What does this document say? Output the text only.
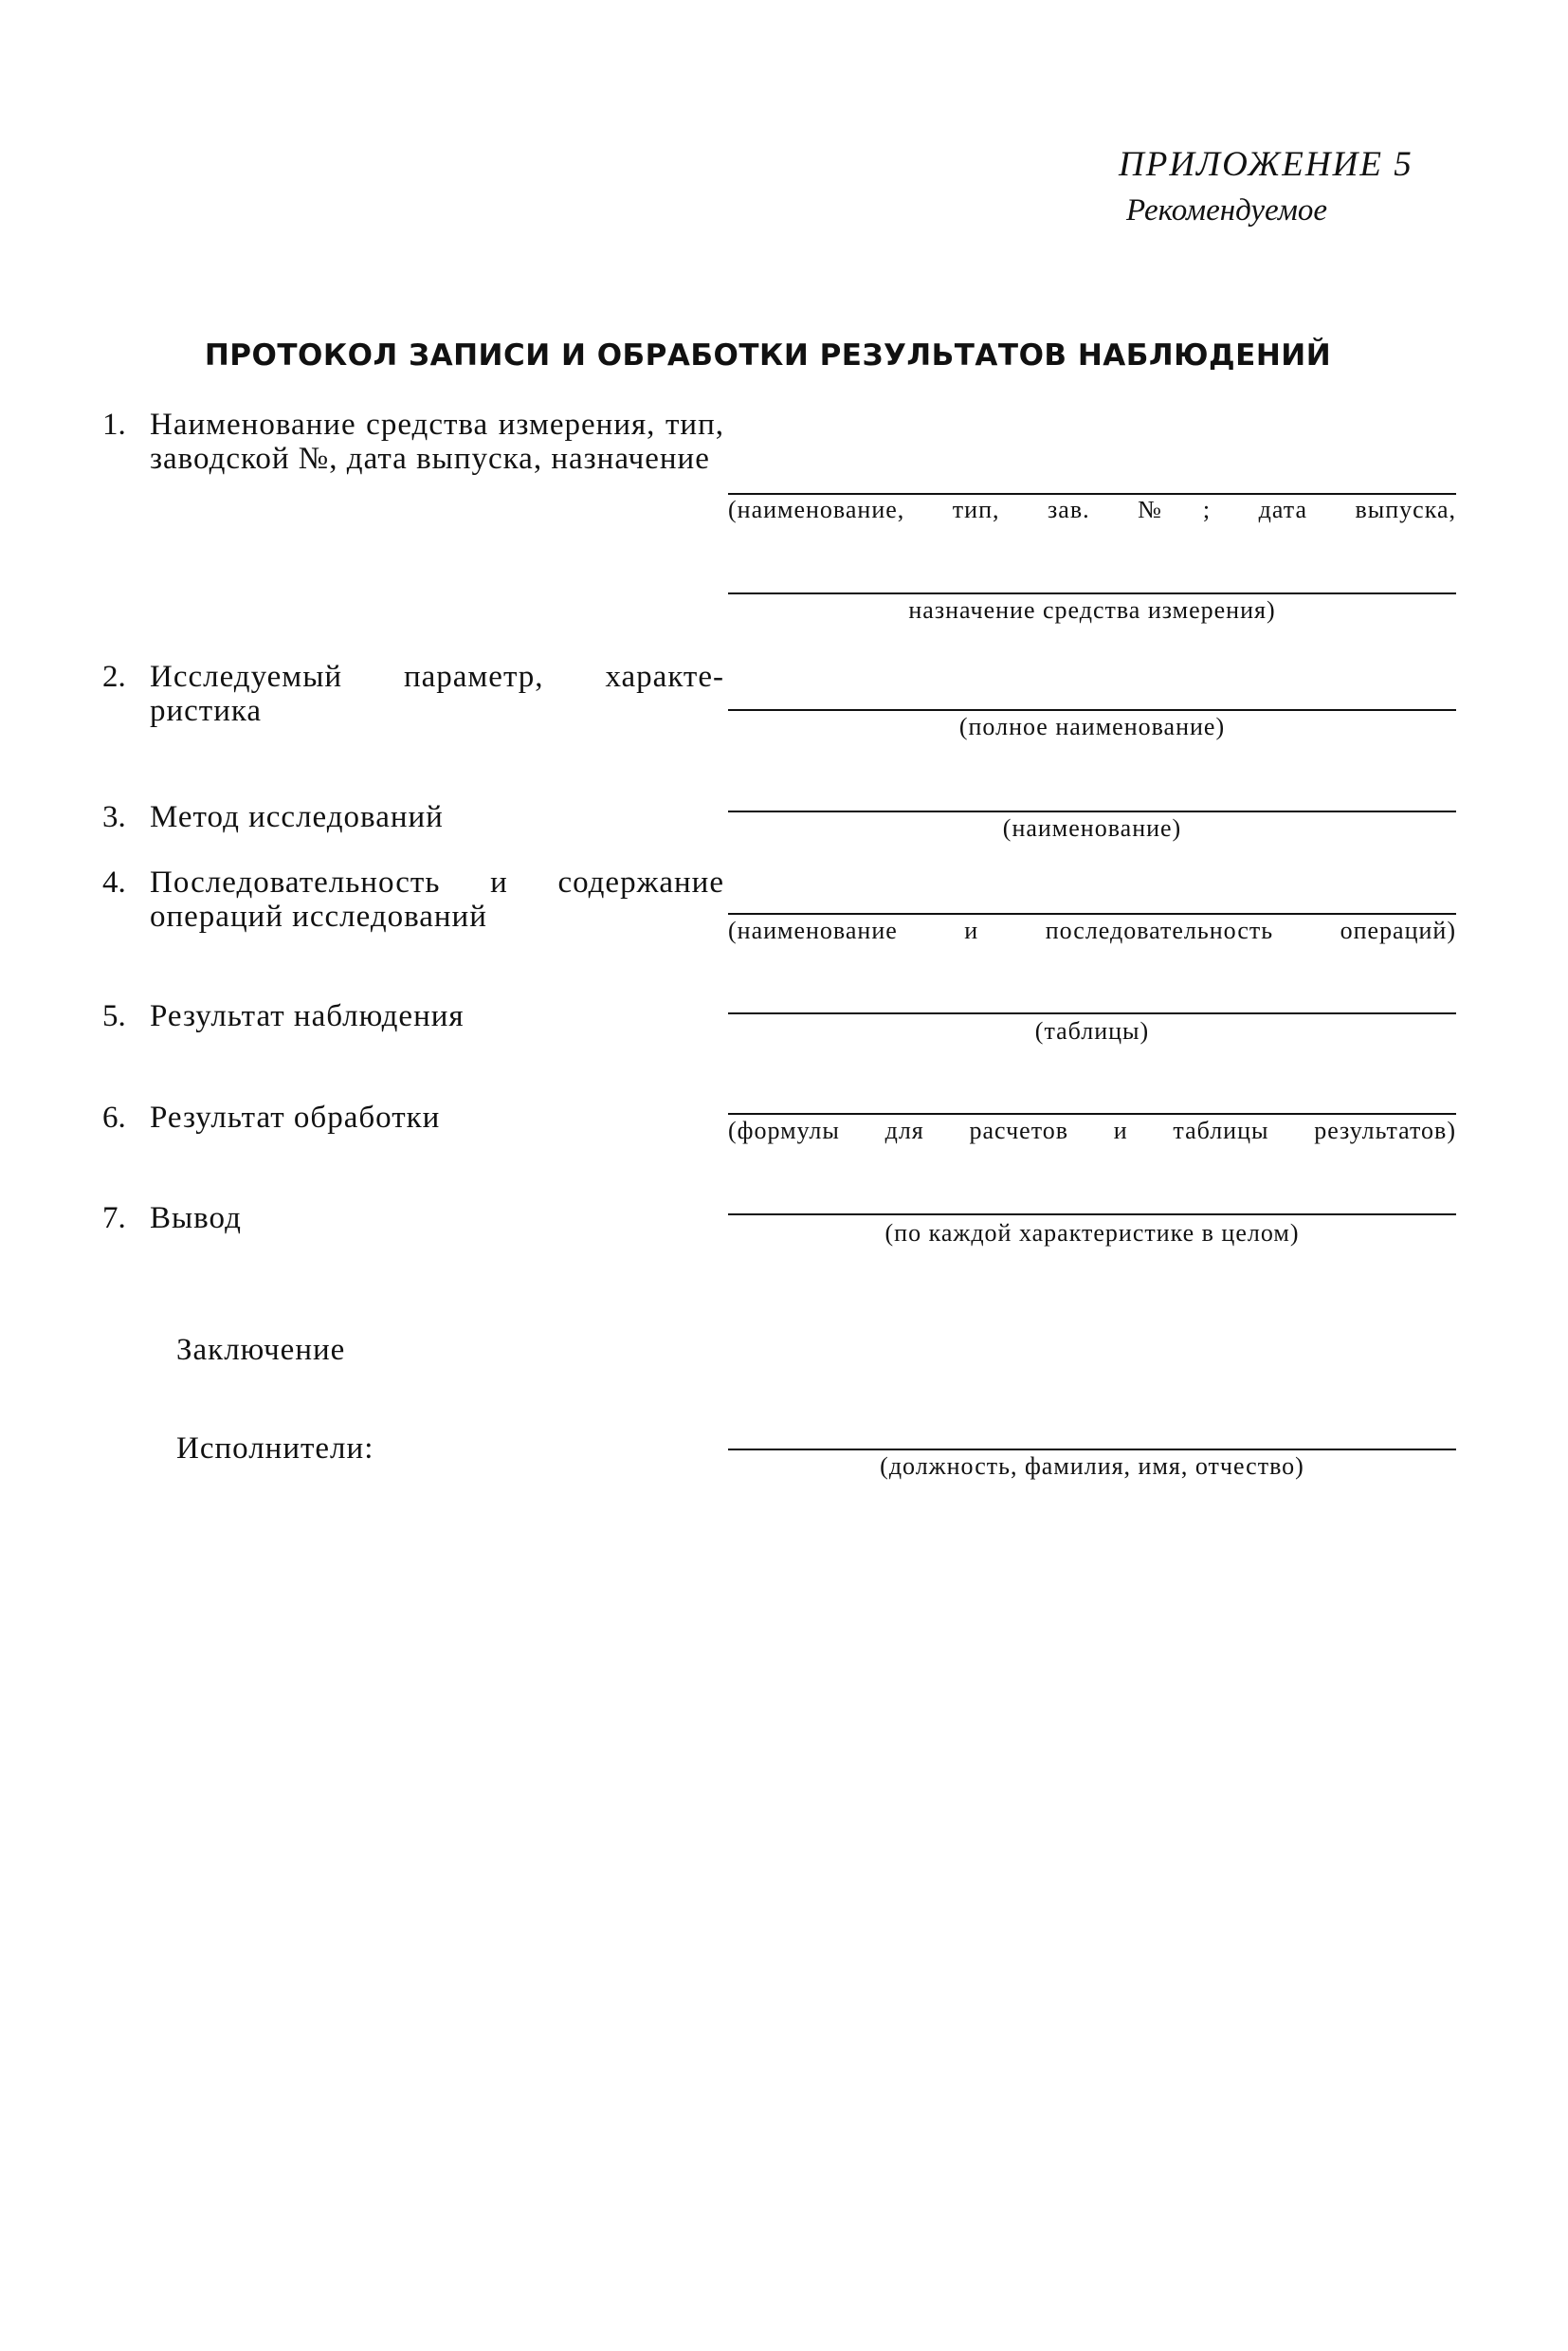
ПРИЛОЖЕНИЕ 5
Рекомендуемое
ПРОТОКОЛ ЗАПИСИ И ОБРАБОТКИ РЕЗУЛЬТАТОВ НАБЛЮДЕНИЙ
1. Наименование средства измерения, тип, заводской №, дата выпуска, назначение
(наименование, тип, зав. №; дата выпуска,
назначение средства измерения)
2. Исследуемый параметр, характе-ристика	(полное наименование)
3. Метод исследований	(наименование)
4. Последовательность и содержание операций исследований	(наименование и последовательность операций)
5. Результат наблюдения	(таблицы)
6. Результат обработки	(формулы для расчетов и таблицы результатов)
7. Вывод	(по каждой характеристике в целом)
Заключение
Исполнители:
(должность, фамилия, имя, отчество)
